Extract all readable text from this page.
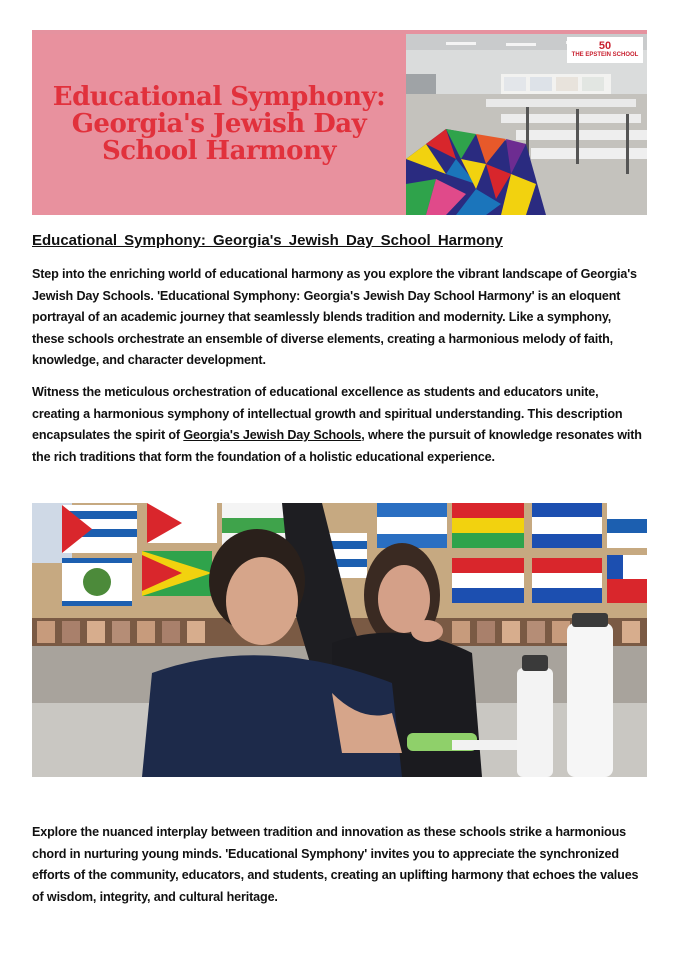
Educational Symphony: Georgia's Jewish Day School Harmony
50
THE EPSTEIN SCHOOL
Educational Symphony: Georgia's Jewish Day School Harmony

Step into the enriching world of educational harmony as you explore the vibrant landscape of Georgia's Jewish Day Schools. 'Educational Symphony: Georgia's Jewish Day School Harmony' is an eloquent portrayal of an academic journey that seamlessly blends tradition and modernity. Like a symphony, these schools orchestrate an ensemble of diverse elements, creating a harmonious melody of faith, knowledge, and character development.

Witness the meticulous orchestration of educational excellence as students and educators unite, creating a harmonious symphony of intellectual growth and spiritual understanding. This description encapsulates the spirit of Georgia's Jewish Day Schools, where the pursuit of knowledge resonates with the rich traditions that form the foundation of a holistic educational experience.

Explore the nuanced interplay between tradition and innovation as these schools strike a harmonious chord in nurturing young minds. 'Educational Symphony' invites you to appreciate the synchronized efforts of the community, educators, and students, creating an uplifting harmony that echoes the values of wisdom, integrity, and cultural heritage.
